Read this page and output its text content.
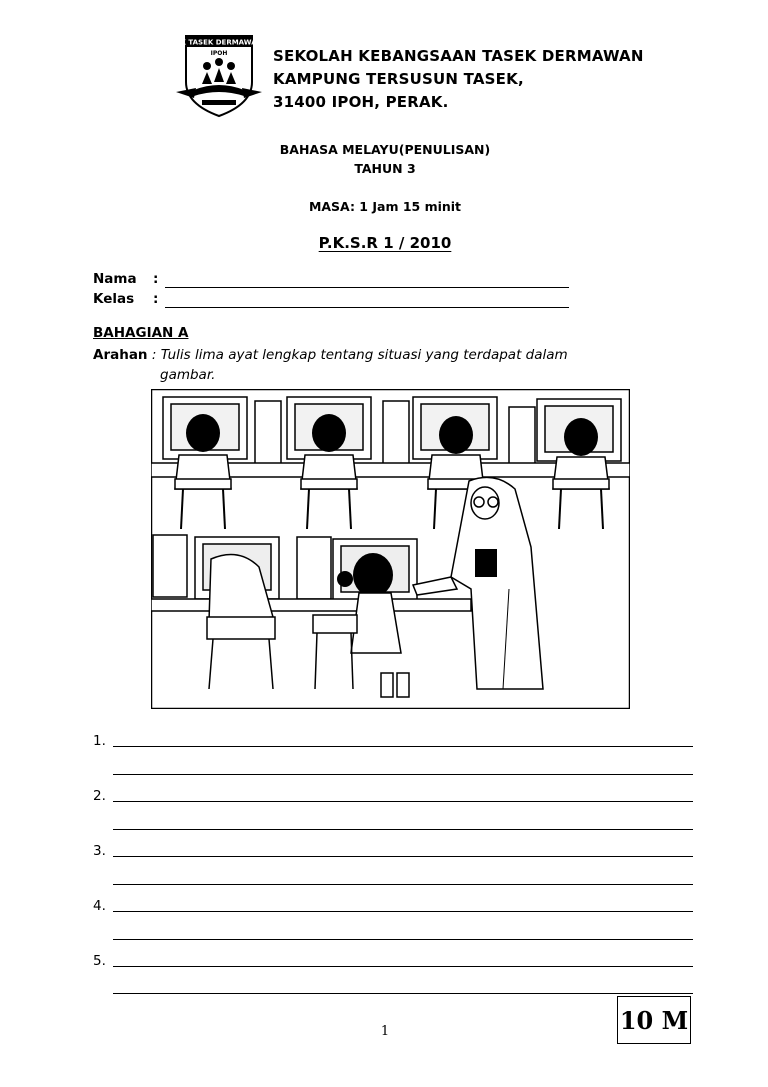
SK TASEK DERMAWAN
IPOH	SEKOLAH KEBANGSAAN TASEK DERMAWAN
KAMPUNG TERSUSUN TASEK,
31400 IPOH, PERAK.
BAHASA MELAYU(PENULISAN)
TAHUN 3
MASA: 1 Jam 15 minit
P.K.S.R 1 / 2010
Nama :
Kelas :
BAHAGIAN A
Arahan : Tulis lima ayat lengkap tentang situasi yang terdapat dalam
gambar.
1.
2.
3.
4.
5.
10 M
1
